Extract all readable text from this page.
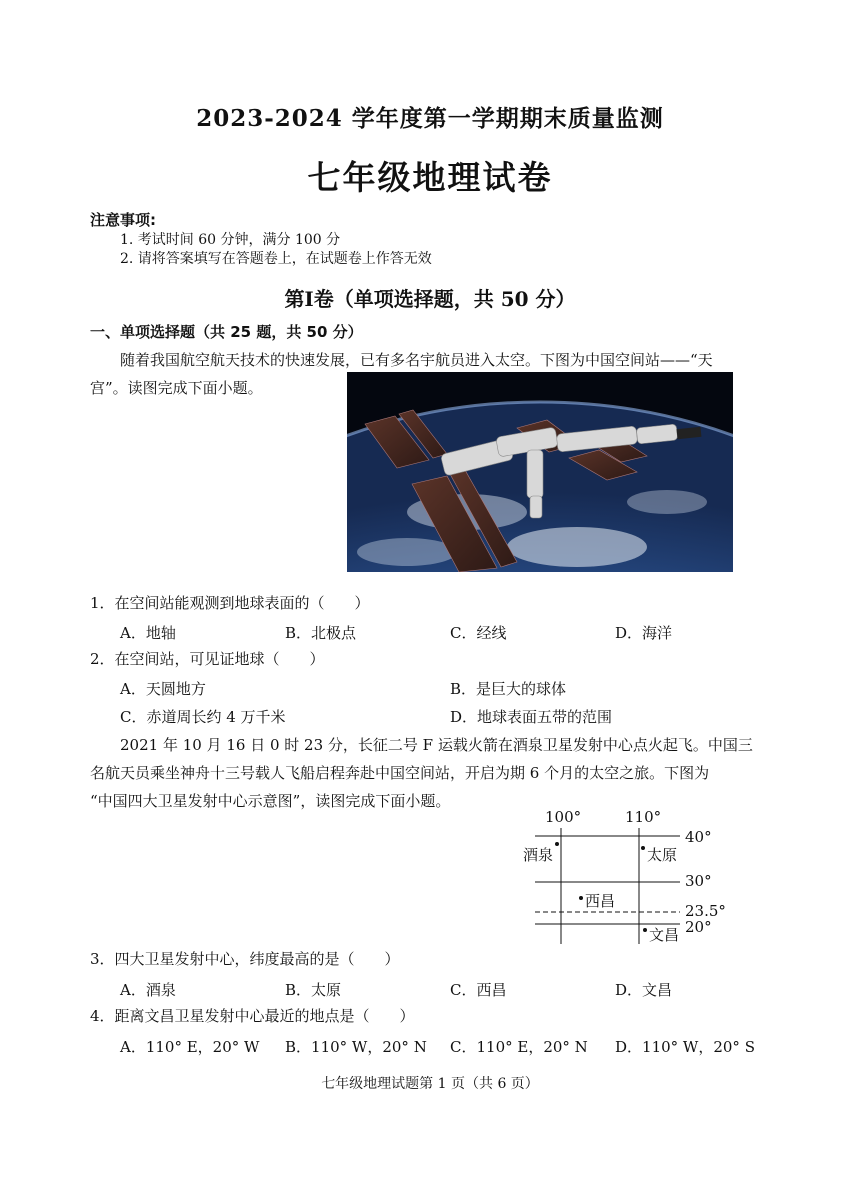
2023-2024 学年度第一学期期末质量监测
七年级地理试卷
注意事项:
1. 考试时间 60 分钟，满分 100 分
2. 请将答案填写在答题卷上，在试题卷上作答无效
第Ⅰ卷（单项选择题，共 50 分）
一、单项选择题（共 25 题，共 50 分）
随着我国航空航天技术的快速发展，已有多名宇航员进入太空。下图为中国空间站——“天
宫”。读图完成下面小题。
1．在空间站能观测到地球表面的（　　）
A．地轴	B．北极点	C．经线	D．海洋
2．在空间站，可见证地球（　　）
A．天圆地方	B．是巨大的球体
C．赤道周长约 4 万千米	D．地球表面五带的范围
2021 年 10 月 16 日 0 时 23 分，长征二号 F 运载火箭在酒泉卫星发射中心点火起飞。中国三
名航天员乘坐神舟十三号载人飞船启程奔赴中国空间站，开启为期 6 个月的太空之旅。下图为
“中国四大卫星发射中心示意图”，读图完成下面小题。
100°	110°
40°
30°
23.5°
20°
酒泉	太原
西昌
文昌
3．四大卫星发射中心，纬度最高的是（　　）
A．酒泉	B．太原	C．西昌	D．文昌
4．距离文昌卫星发射中心最近的地点是（　　）
A．110° E，20° W B．110° W，20° N C．110° E，20° N D．110° W，20° S
七年级地理试题第 1 页（共 6 页）
